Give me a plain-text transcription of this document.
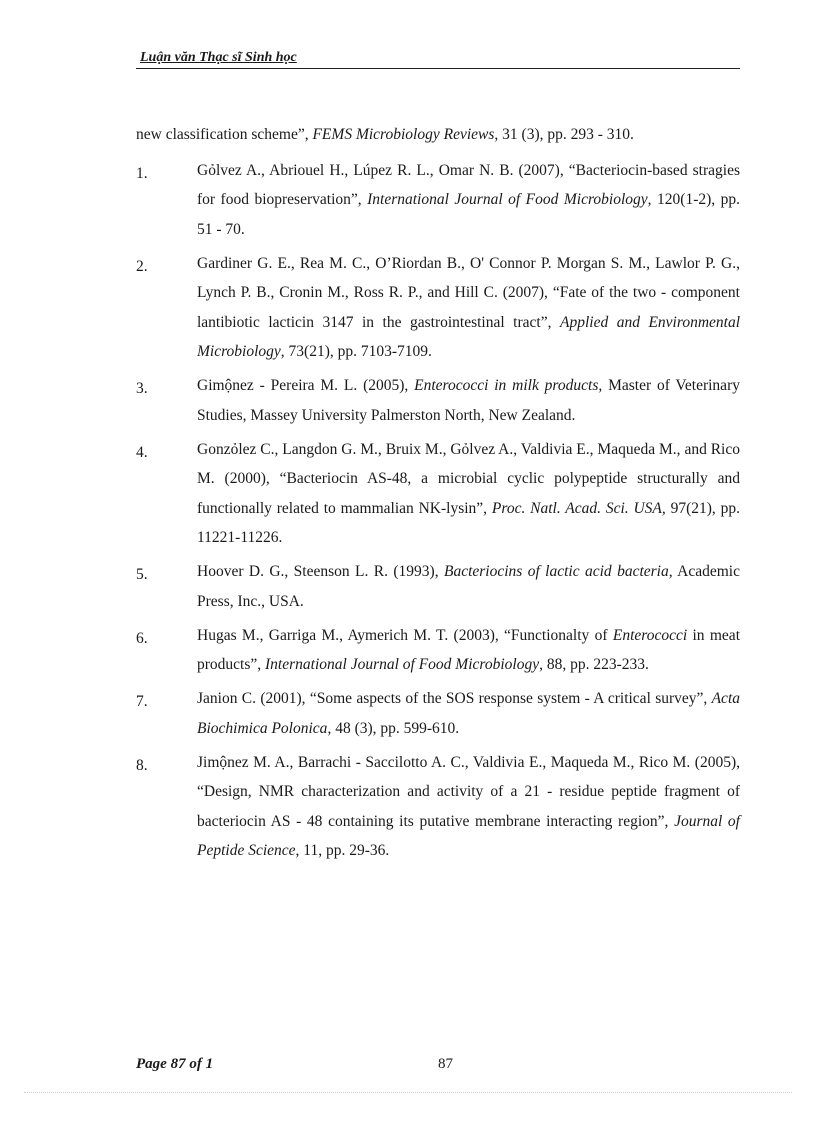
Luận văn Thạc sĩ Sinh học

new classification scheme”, FEMS Microbiology Reviews, 31 (3), pp. 293 - 310.

1.	Gỏlvez A., Abriouel H., Lúpez R. L., Omar N. B. (2007), “Bacteriocin-based stragies for food biopreservation”, International Journal of Food Microbiology, 120(1-2), pp. 51 - 70.
2.	Gardiner G. E., Rea M. C., O’Riordan B., O' Connor P. Morgan S. M., Lawlor P. G., Lynch P. B., Cronin M., Ross R. P., and Hill C. (2007), “Fate of the two - component lantibiotic lacticin 3147 in the gastrointestinal tract”, Applied and Environmental Microbiology, 73(21), pp. 7103-7109.
3.	Gimộnez - Pereira M. L. (2005), Enterococci in milk products, Master of Veterinary Studies, Massey University Palmerston North, New Zealand.
4.	Gonzỏlez C., Langdon G. M., Bruix M., Gỏlvez A., Valdivia E., Maqueda M., and Rico M. (2000), “Bacteriocin AS-48, a microbial cyclic polypeptide structurally and functionally related to mammalian NK-lysin”, Proc. Natl. Acad. Sci. USA, 97(21), pp. 11221-11226.
5.	Hoover D. G., Steenson L. R. (1993), Bacteriocins of lactic acid bacteria, Academic Press, Inc., USA.
6.	Hugas M., Garriga M., Aymerich M. T. (2003), “Functionalty of Enterococci in meat products”, International Journal of Food Microbiology, 88, pp. 223-233.
7.	Janion C. (2001), “Some aspects of the SOS response system - A critical survey”, Acta Biochimica Polonica, 48 (3), pp. 599-610.
8.	Jimộnez M. A., Barrachi - Saccilotto A. C., Valdivia E., Maqueda M., Rico M. (2005), “Design, NMR characterization and activity of a 21 - residue peptide fragment of bacteriocin AS - 48 containing its putative membrane interacting region”, Journal of Peptide Science, 11, pp. 29-36.
Page 87 of 1	87
